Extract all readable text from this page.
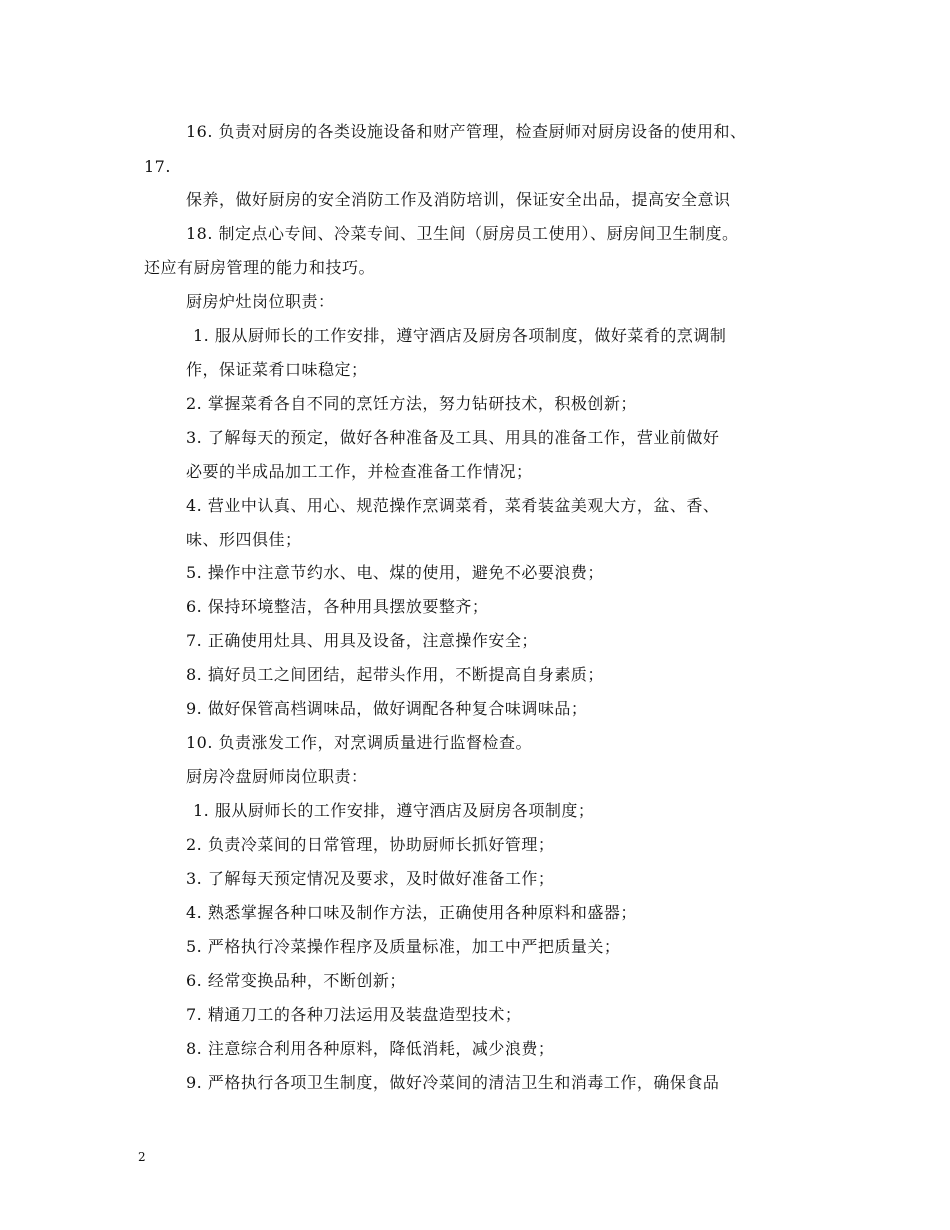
16. 负责对厨房的各类设施设备和财产管理，检查厨师对厨房设备的使用和、
17.
保养，做好厨房的安全消防工作及消防培训，保证安全出品，提高安全意识
18. 制定点心专间、冷菜专间、卫生间（厨房员工使用）、厨房间卫生制度。
还应有厨房管理的能力和技巧。
厨房炉灶岗位职责：
1. 服从厨师长的工作安排，遵守酒店及厨房各项制度，做好菜肴的烹调制
作，保证菜肴口味稳定；
2. 掌握菜肴各自不同的烹饪方法，努力钻研技术，积极创新；
3. 了解每天的预定，做好各种准备及工具、用具的准备工作，营业前做好
必要的半成品加工工作，并检查准备工作情况；
4. 营业中认真、用心、规范操作烹调菜肴，菜肴装盆美观大方，盆、香、
味、形四俱佳；
5. 操作中注意节约水、电、煤的使用，避免不必要浪费；
6. 保持环境整洁，各种用具摆放要整齐；
7. 正确使用灶具、用具及设备，注意操作安全；
8. 搞好员工之间团结，起带头作用，不断提高自身素质；
9. 做好保管高档调味品，做好调配各种复合味调味品；
10. 负责涨发工作，对烹调质量进行监督检查。
厨房冷盘厨师岗位职责：
1. 服从厨师长的工作安排，遵守酒店及厨房各项制度；
2. 负责冷菜间的日常管理，协助厨师长抓好管理；
3. 了解每天预定情况及要求，及时做好准备工作；
4. 熟悉掌握各种口味及制作方法，正确使用各种原料和盛器；
5. 严格执行冷菜操作程序及质量标准，加工中严把质量关；
6. 经常变换品种，不断创新；
7. 精通刀工的各种刀法运用及装盘造型技术；
8. 注意综合利用各种原料，降低消耗，减少浪费；
9. 严格执行各项卫生制度，做好冷菜间的清洁卫生和消毒工作，确保食品
2
